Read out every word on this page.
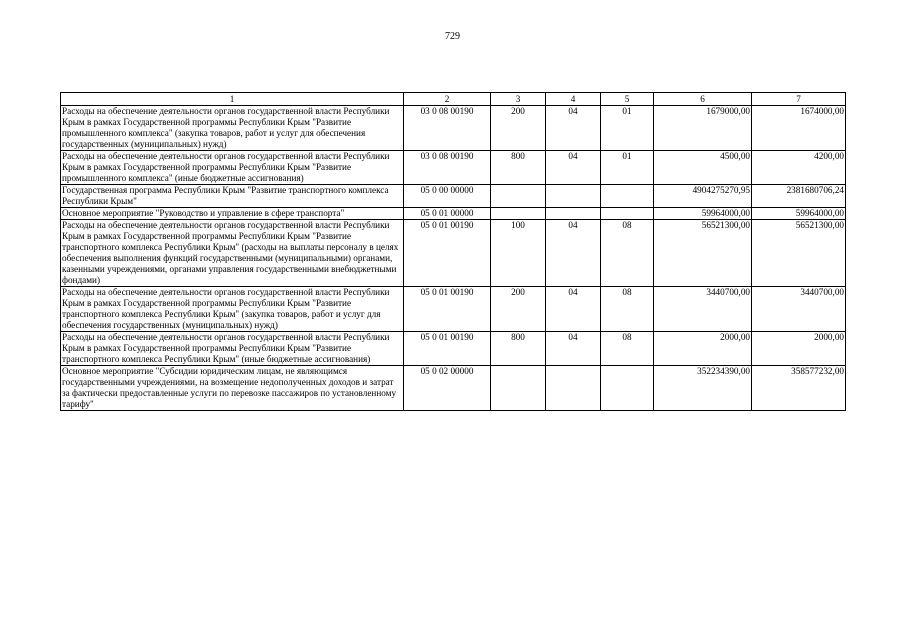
729
1	2	3	4	5	6	7
Расходы на обеспечение деятельности органов государственной власти Республики Крым в рамках Государственной программы Республики Крым "Развитие промышленного комплекса" (закупка товаров, работ и услуг для обеспечения государственных (муниципальных) нужд)	03 0 08 00190	200	04	01	1679000,00	1674000,00
Расходы на обеспечение деятельности органов государственной власти Республики Крым в рамках Государственной программы Республики Крым "Развитие промышленного комплекса" (иные бюджетные ассигнования)	03 0 08 00190	800	04	01	4500,00	4200,00
Государственная программа Республики Крым "Развитие транспортного комплекса Республики Крым"	05 0 00 00000				4904275270,95	2381680706,24
Основное мероприятие "Руководство и управление в сфере транспорта"	05 0 01 00000				59964000,00	59964000,00
Расходы на обеспечение деятельности органов государственной власти Республики Крым в рамках Государственной программы Республики Крым "Развитие транспортного комплекса Республики Крым" (расходы на выплаты персоналу в целях обеспечения выполнения функций государственными (муниципальными) органами, казенными учреждениями, органами управления государственными внебюджетными фондами)	05 0 01 00190	100	04	08	56521300,00	56521300,00
Расходы на обеспечение деятельности органов государственной власти Республики Крым в рамках Государственной программы Республики Крым "Развитие транспортного комплекса Республики Крым" (закупка товаров, работ и услуг для обеспечения государственных (муниципальных) нужд)	05 0 01 00190	200	04	08	3440700,00	3440700,00
Расходы на обеспечение деятельности органов государственной власти Республики Крым в рамках Государственной программы Республики Крым "Развитие транспортного комплекса Республики Крым" (иные бюджетные ассигнования)	05 0 01 00190	800	04	08	2000,00	2000,00
Основное мероприятие "Субсидии юридическим лицам, не являющимся государственными учреждениями, на возмещение недополученных доходов и затрат за фактически предоставленные услуги по перевозке пассажиров по установленному тарифу"	05 0 02 00000				352234390,00	358577232,00
